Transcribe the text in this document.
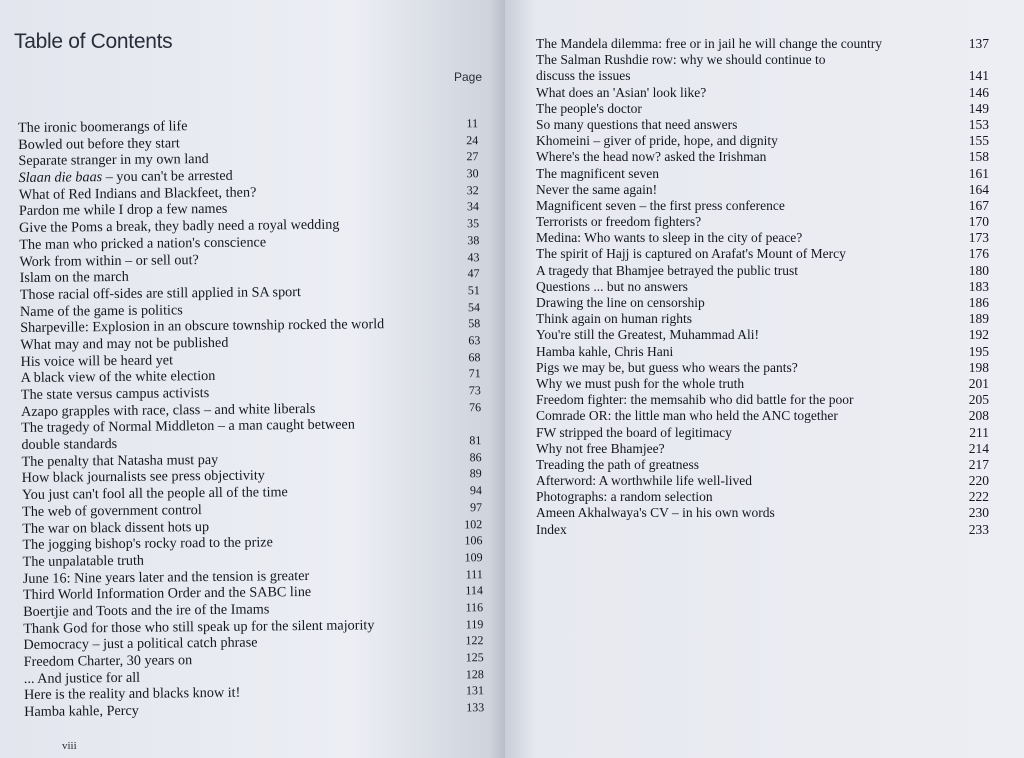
Table of Contents
Page
The ironic boomerangs of life	11
Bowled out before they start	24
Separate stranger in my own land	27
Slaan die baas – you can't be arrested	30
What of Red Indians and Blackfeet, then?	32
Pardon me while I drop a few names	34
Give the Poms a break, they badly need a royal wedding	35
The man who pricked a nation's conscience	38
Work from within – or sell out?	43
Islam on the march	47
Those racial off-sides are still applied in SA sport	51
Name of the game is politics	54
Sharpeville: Explosion in an obscure township rocked the world	58
What may and may not be published	63
His voice will be heard yet	68
A black view of the white election	71
The state versus campus activists	73
Azapo grapples with race, class – and white liberals	76
The tragedy of Normal Middleton – a man caught between
double standards	81
The penalty that Natasha must pay	86
How black journalists see press objectivity	89
You just can't fool all the people all of the time	94
The web of government control	97
The war on black dissent hots up	102
The jogging bishop's rocky road to the prize	106
The unpalatable truth	109
June 16: Nine years later and the tension is greater	111
Third World Information Order and the SABC line	114
Boertjie and Toots and the ire of the Imams	116
Thank God for those who still speak up for the silent majority	119
Democracy – just a political catch phrase	122
Freedom Charter, 30 years on	125
... And justice for all	128
Here is the reality and blacks know it!	131
Hamba kahle, Percy	133
viii
The Mandela dilemma: free or in jail he will change the country	137
The Salman Rushdie row: why we should continue to
discuss the issues	141
What does an 'Asian' look like?	146
The people's doctor	149
So many questions that need answers	153
Khomeini – giver of pride, hope, and dignity	155
Where's the head now? asked the Irishman	158
The magnificent seven	161
Never the same again!	164
Magnificent seven – the first press conference	167
Terrorists or freedom fighters?	170
Medina: Who wants to sleep in the city of peace?	173
The spirit of Hajj is captured on Arafat's Mount of Mercy	176
A tragedy that Bhamjee betrayed the public trust	180
Questions ... but no answers	183
Drawing the line on censorship	186
Think again on human rights	189
You're still the Greatest, Muhammad Ali!	192
Hamba kahle, Chris Hani	195
Pigs we may be, but guess who wears the pants?	198
Why we must push for the whole truth	201
Freedom fighter: the memsahib who did battle for the poor	205
Comrade OR: the little man who held the ANC together	208
FW stripped the board of legitimacy	211
Why not free Bhamjee?	214
Treading the path of greatness	217
Afterword: A worthwhile life well-lived	220
Photographs: a random selection	222
Ameen Akhalwaya's CV – in his own words	230
Index	233
